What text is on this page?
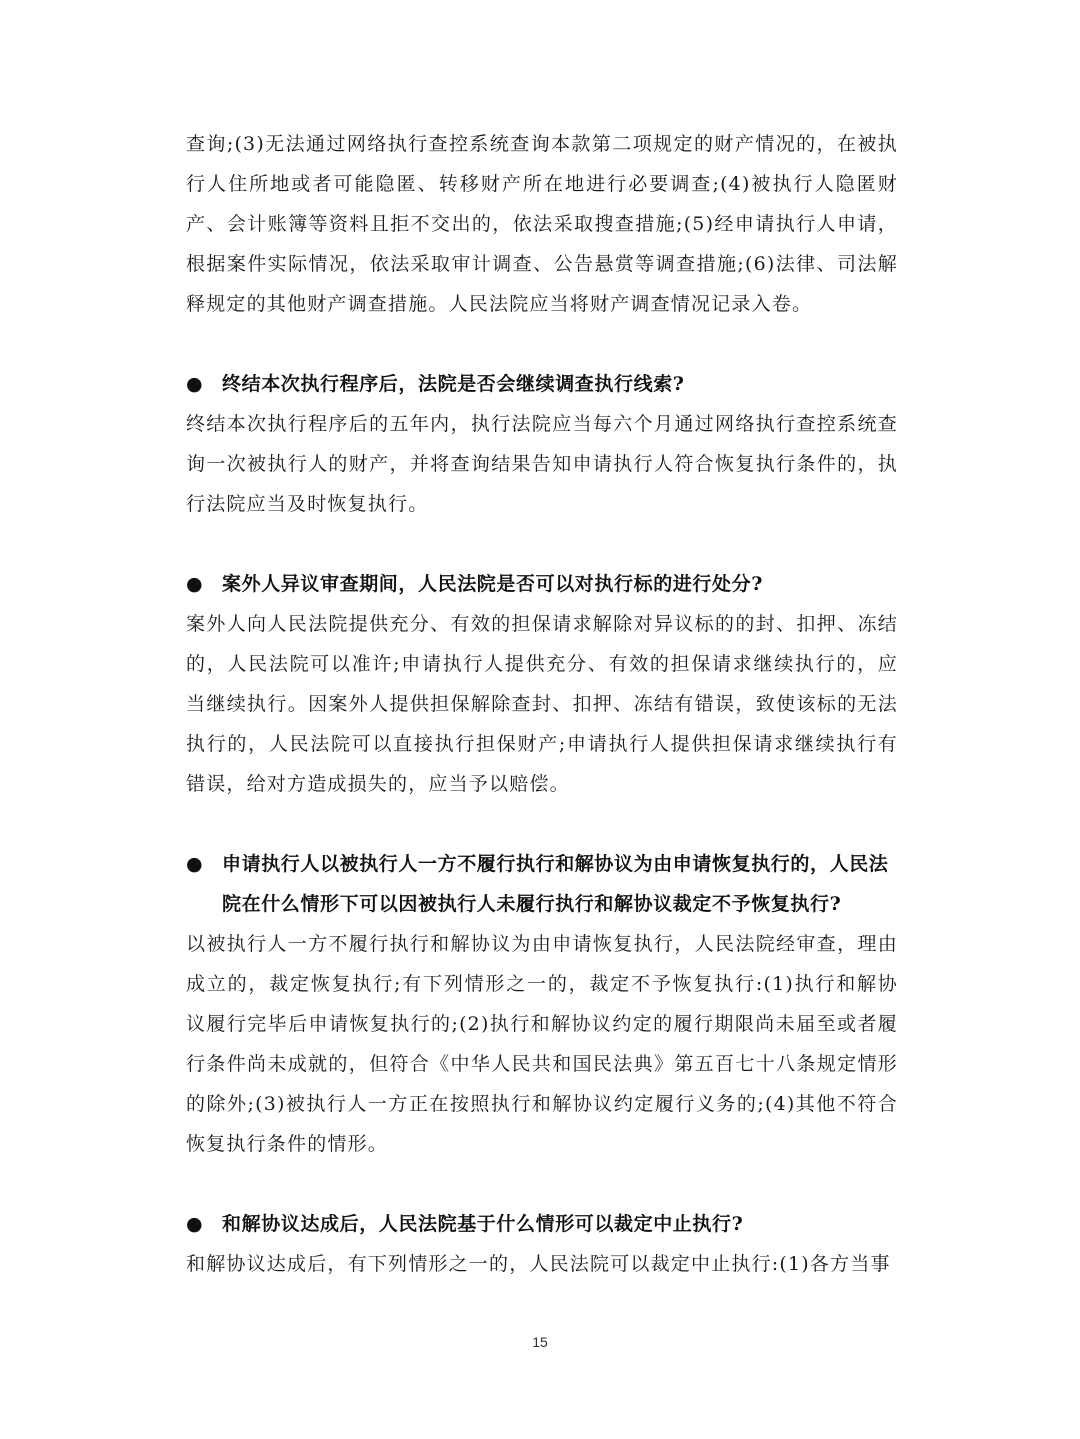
查询;(3)无法通过网络执行查控系统查询本款第二项规定的财产情况的，在被执行人住所地或者可能隐匿、转移财产所在地进行必要调查;(4)被执行人隐匿财产、会计账簿等资料且拒不交出的，依法采取搜查措施;(5)经申请执行人申请，根据案件实际情况，依法采取审计调查、公告悬赏等调查措施;(6)法律、司法解释规定的其他财产调查措施。人民法院应当将财产调查情况记录入卷。

●	终结本次执行程序后，法院是否会继续调查执行线索?

终结本次执行程序后的五年内，执行法院应当每六个月通过网络执行查控系统查询一次被执行人的财产，并将查询结果告知申请执行人符合恢复执行条件的，执行法院应当及时恢复执行。

●	案外人异议审查期间，人民法院是否可以对执行标的进行处分?

案外人向人民法院提供充分、有效的担保请求解除对异议标的的封、扣押、冻结的，人民法院可以准许;申请执行人提供充分、有效的担保请求继续执行的，应当继续执行。因案外人提供担保解除查封、扣押、冻结有错误，致使该标的无法执行的，人民法院可以直接执行担保财产;申请执行人提供担保请求继续执行有错误，给对方造成损失的，应当予以赔偿。

●	申请执行人以被执行人一方不履行执行和解协议为由申请恢复执行的，人民法院在什么情形下可以因被执行人未履行执行和解协议裁定不予恢复执行?

以被执行人一方不履行执行和解协议为由申请恢复执行，人民法院经审查，理由成立的，裁定恢复执行;有下列情形之一的，裁定不予恢复执行:(1)执行和解协议履行完毕后申请恢复执行的;(2)执行和解协议约定的履行期限尚未届至或者履行条件尚未成就的，但符合《中华人民共和国民法典》第五百七十八条规定情形的除外;(3)被执行人一方正在按照执行和解协议约定履行义务的;(4)其他不符合恢复执行条件的情形。

●	和解协议达成后，人民法院基于什么情形可以裁定中止执行?

和解协议达成后，有下列情形之一的，人民法院可以裁定中止执行:(1)各方当事

15
